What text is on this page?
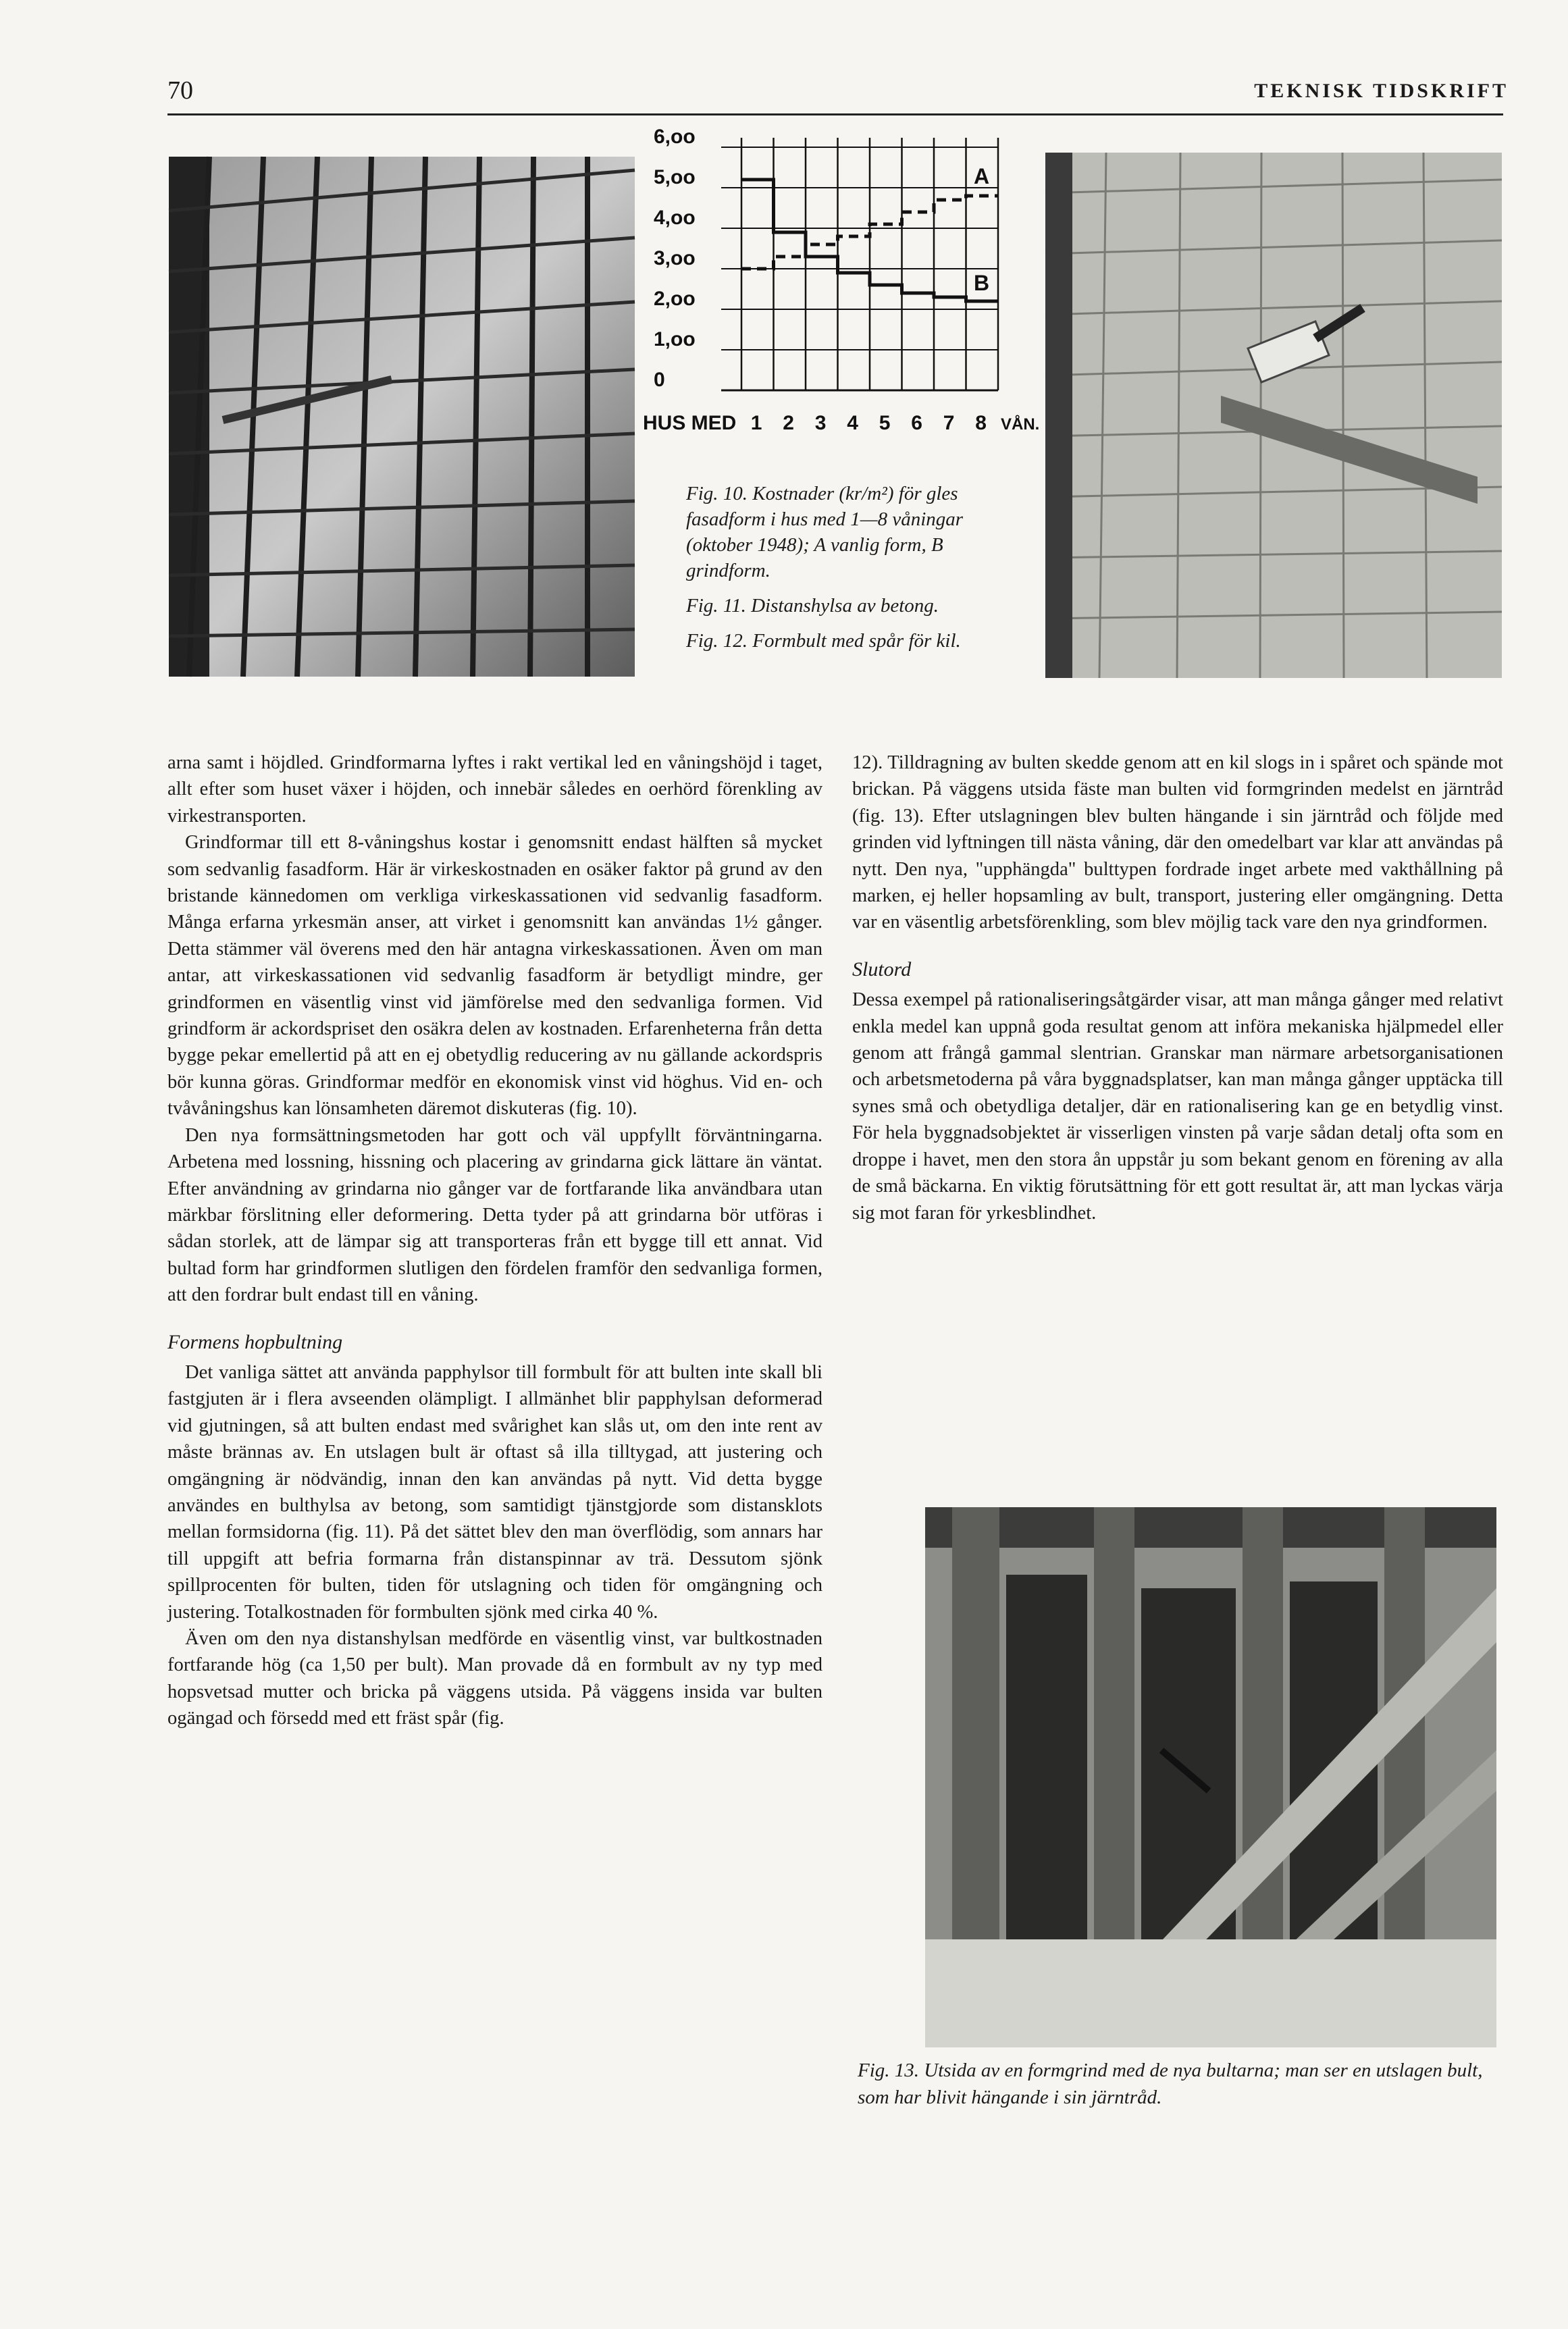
70	TEKNISK TIDSKRIFT
0
1,oo
2,oo
3,oo
4,oo
5,oo
6,oo
HUS MED 1 2 3 4 5 6 7 8 VÅN.
A
B

Fig. 10. Kostnader (kr/m²) för gles fasadform i hus med 1—8 våningar (oktober 1948); A vanlig form, B grindform.

Fig. 11. Distanshylsa av betong.

Fig. 12. Formbult med spår för kil.

arna samt i höjdled. Grindformarna lyftes i rakt vertikal led en våningshöjd i taget, allt efter som huset växer i höjden, och innebär således en oerhörd förenkling av virkestransporten.

Grindformar till ett 8-våningshus kostar i genomsnitt endast hälften så mycket som sedvanlig fasadform. Här är virkeskostnaden en osäker faktor på grund av den bristande kännedomen om verkliga virkeskassationen vid sedvanlig fasadform. Många erfarna yrkesmän anser, att virket i genomsnitt kan användas 1½ gånger. Detta stämmer väl överens med den här antagna virkeskassationen. Även om man antar, att virkeskassationen vid sedvanlig fasadform är betydligt mindre, ger grindformen en väsentlig vinst vid jämförelse med den sedvanliga formen. Vid grindform är ackordspriset den osäkra delen av kostnaden. Erfarenheterna från detta bygge pekar emellertid på att en ej obetydlig reducering av nu gällande ackordspris bör kunna göras. Grindformar medför en ekonomisk vinst vid höghus. Vid en- och tvåvåningshus kan lönsamheten däremot diskuteras (fig. 10).

Den nya formsättningsmetoden har gott och väl uppfyllt förväntningarna. Arbetena med lossning, hissning och placering av grindarna gick lättare än väntat. Efter användning av grindarna nio gånger var de fortfarande lika användbara utan märkbar förslitning eller deformering. Detta tyder på att grindarna bör utföras i sådan storlek, att de lämpar sig att transporteras från ett bygge till ett annat. Vid bultad form har grindformen slutligen den fördelen framför den sedvanliga formen, att den fordrar bult endast till en våning.

Formens hopbultning

Det vanliga sättet att använda papphylsor till formbult för att bulten inte skall bli fastgjuten är i flera avseenden olämpligt. I allmänhet blir papphylsan deformerad vid gjutningen, så att bulten endast med svårighet kan slås ut, om den inte rent av måste brännas av. En utslagen bult är oftast så illa tilltygad, att justering och omgängning är nödvändig, innan den kan användas på nytt. Vid detta bygge användes en bulthylsa av betong, som samtidigt tjänstgjorde som distansklots mellan formsidorna (fig. 11). På det sättet blev den man överflödig, som annars har till uppgift att befria formarna från distanspinnar av trä. Dessutom sjönk spillprocenten för bulten, tiden för utslagning och tiden för omgängning och justering. Totalkostnaden för formbulten sjönk med cirka 40 %.

Även om den nya distanshylsan medförde en väsentlig vinst, var bultkostnaden fortfarande hög (ca 1,50 per bult). Man provade då en formbult av ny typ med hopsvetsad mutter och bricka på väggens utsida. På väggens insida var bulten ogängad och försedd med ett fräst spår (fig.

12). Tilldragning av bulten skedde genom att en kil slogs in i spåret och spände mot brickan. På väggens utsida fäste man bulten vid formgrinden medelst en järntråd (fig. 13). Efter utslagningen blev bulten hängande i sin järntråd och följde med grinden vid lyftningen till nästa våning, där den omedelbart var klar att användas på nytt. Den nya, "upphängda" bulttypen fordrade inget arbete med vakthållning på marken, ej heller hopsamling av bult, transport, justering eller omgängning. Detta var en väsentlig arbetsförenkling, som blev möjlig tack vare den nya grindformen.

Slutord

Dessa exempel på rationaliseringsåtgärder visar, att man många gånger med relativt enkla medel kan uppnå goda resultat genom att införa mekaniska hjälpmedel eller genom att frångå gammal slentrian. Granskar man närmare arbetsorganisationen och arbetsmetoderna på våra byggnadsplatser, kan man många gånger upptäcka till synes små och obetydliga detaljer, där en rationalisering kan ge en betydlig vinst. För hela byggnadsobjektet är visserligen vinsten på varje sådan detalj ofta som en droppe i havet, men den stora ån uppstår ju som bekant genom en förening av alla de små bäckarna. En viktig förutsättning för ett gott resultat är, att man lyckas värja sig mot faran för yrkesblindhet.

Fig. 13. Utsida av en formgrind med de nya bultarna; man ser en utslagen bult, som har blivit hängande i sin järntråd.
